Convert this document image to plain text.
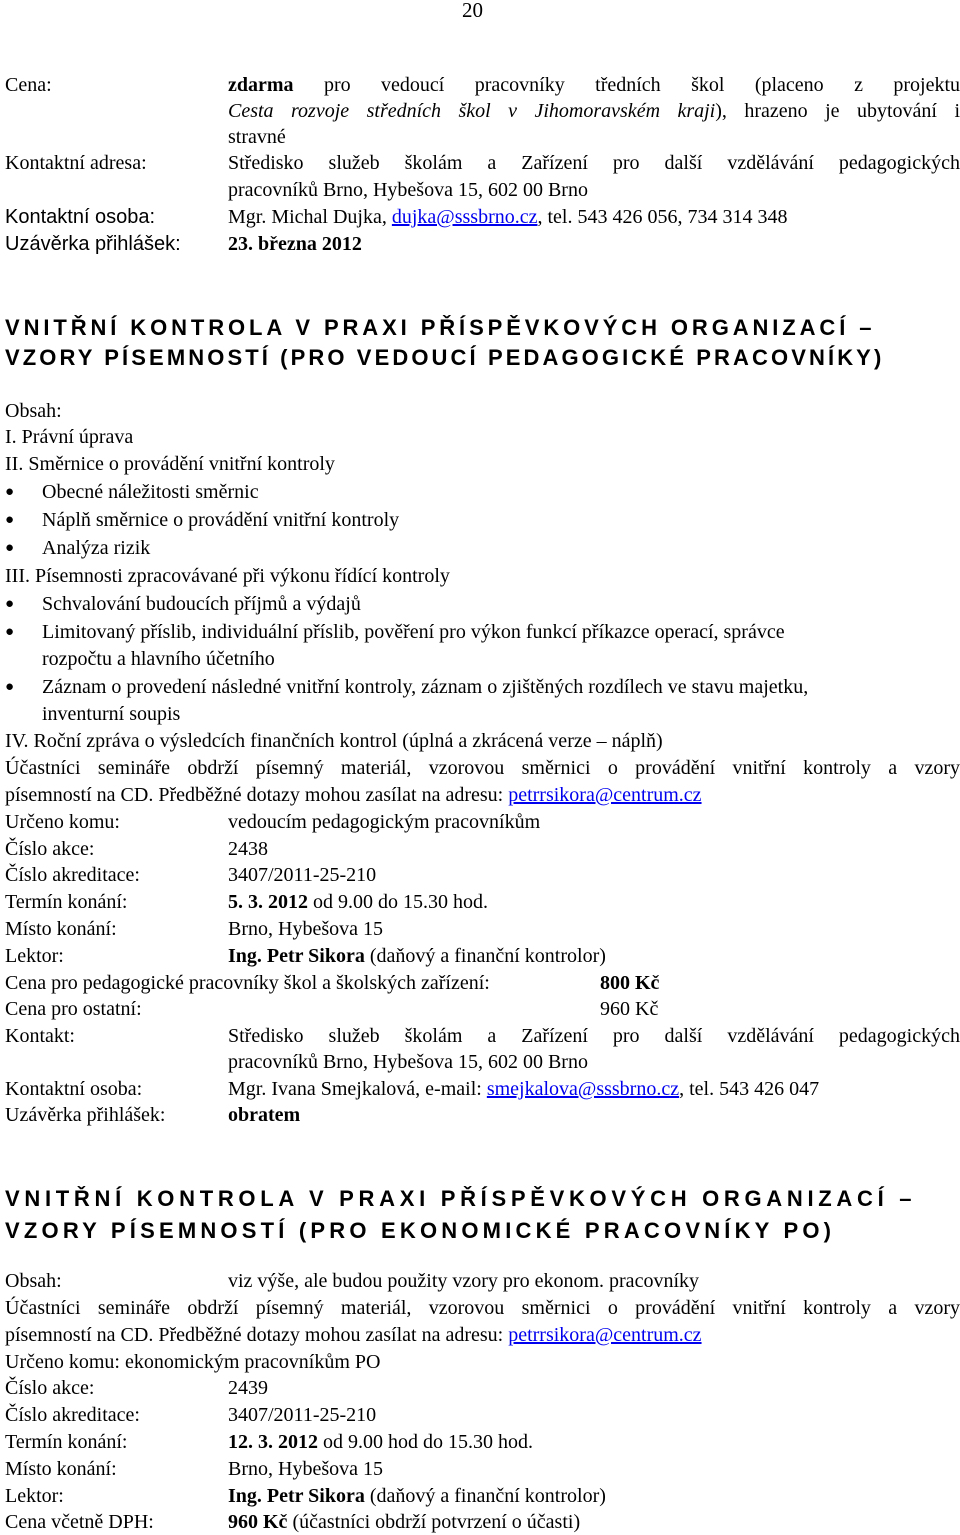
20
Cena:	zdarma pro vedoucí pracovníky tředních škol (placeno z projektu
Cesta rozvoje středních škol v Jihomoravském kraji), hrazeno je ubytování i
stravné
Kontaktní adresa:	Středisko služeb školám a Zařízení pro další vzdělávání pedagogických
pracovníků Brno, Hybešova 15, 602 00 Brno
Kontaktní osoba:	Mgr. Michal Dujka, dujka@sssbrno.cz, tel. 543 426 056, 734 314 348
Uzávěrka přihlášek: 23. března 2012
VNITŘNÍ KONTROLA V PRAXI PŘÍSPĚVKOVÝCH ORGANIZACÍ –
VZORY PÍSEMNOSTÍ (PRO VEDOUCÍ PEDAGOGICKÉ PRACOVNÍKY)
Obsah:
I. Právní úprava
II. Směrnice o provádění vnitřní kontroly
● Obecné náležitosti směrnic
● Náplň směrnice o provádění vnitřní kontroly
● Analýza rizik
III. Písemnosti zpracovávané při výkonu řídící kontroly
● Schvalování budoucích příjmů a výdajů
● Limitovaný příslib, individuální příslib, pověření pro výkon funkcí příkazce operací, správce
rozpočtu a hlavního účetního
● Záznam o provedení následné vnitřní kontroly, záznam o zjištěných rozdílech ve stavu majetku,
inventurní soupis
IV. Roční zpráva o výsledcích finančních kontrol (úplná a zkrácená verze – náplň)
Účastníci semináře obdrží písemný materiál, vzorovou směrnici o provádění vnitřní kontroly a vzory
písemností na CD. Předběžné dotazy mohou zasílat na adresu: petrrsikora@centrum.cz
Určeno komu:	vedoucím pedagogickým pracovníkům
Číslo akce:	2438
Číslo akreditace:	3407/2011-25-210
Termín konání:	5. 3. 2012 od 9.00 do 15.30 hod.
Místo konání:	Brno, Hybešova 15
Lektor:	Ing. Petr Sikora (daňový a finanční kontrolor)
Cena pro pedagogické pracovníky škol a školských zařízení:	800 Kč
Cena pro ostatní:	960 Kč
Kontakt:	Středisko služeb školám a Zařízení pro další vzdělávání pedagogických
pracovníků Brno, Hybešova 15, 602 00 Brno
Kontaktní osoba:	Mgr. Ivana Smejkalová, e-mail: smejkalova@sssbrno.cz, tel. 543 426 047
Uzávěrka přihlášek:	obratem
VNITŘNÍ KONTROLA V PRAXI PŘÍSPĚVKOVÝCH ORGANIZACÍ –
VZORY PÍSEMNOSTÍ (PRO EKONOMICKÉ PRACOVNÍKY PO)
Obsah:	viz výše, ale budou použity vzory pro ekonom. pracovníky
Účastníci semináře obdrží písemný materiál, vzorovou směrnici o provádění vnitřní kontroly a vzory
písemností na CD. Předběžné dotazy mohou zasílat na adresu: petrrsikora@centrum.cz
Určeno komu: ekonomickým pracovníkům PO
Číslo akce:	2439
Číslo akreditace:	3407/2011-25-210
Termín konání:	12. 3. 2012 od 9.00 hod do 15.30 hod.
Místo konání:	Brno, Hybešova 15
Lektor:	Ing. Petr Sikora (daňový a finanční kontrolor)
Cena včetně DPH:	960 Kč (účastníci obdrží potvrzení o účasti)
